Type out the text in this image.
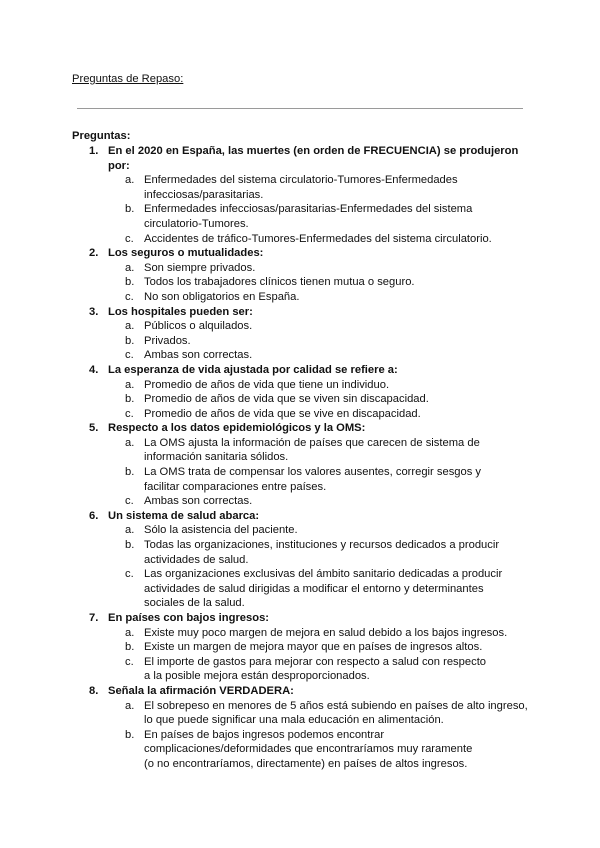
Preguntas de Repaso:
Preguntas:
1. En el 2020 en España, las muertes (en orden de FRECUENCIA) se produjeron por:
a. Enfermedades del sistema circulatorio-Tumores-Enfermedades infecciosas/parasitarias.
b. Enfermedades infecciosas/parasitarias-Enfermedades del sistema circulatorio-Tumores.
c. Accidentes de tráfico-Tumores-Enfermedades del sistema circulatorio.
2. Los seguros o mutualidades:
a. Son siempre privados.
b. Todos los trabajadores clínicos tienen mutua o seguro.
c. No son obligatorios en España.
3. Los hospitales pueden ser:
a. Públicos o alquilados.
b. Privados.
c. Ambas son correctas.
4. La esperanza de vida ajustada por calidad se refiere a:
a. Promedio de años de vida que tiene un individuo.
b. Promedio de años de vida que se viven sin discapacidad.
c. Promedio de años de vida que se vive en discapacidad.
5. Respecto a los datos epidemiológicos y la OMS:
a. La OMS ajusta la información de países que carecen de sistema de información sanitaria sólidos.
b. La OMS trata de compensar los valores ausentes, corregir sesgos y facilitar comparaciones entre países.
c. Ambas son correctas.
6. Un sistema de salud abarca:
a. Sólo la asistencia del paciente.
b. Todas las organizaciones, instituciones y recursos dedicados a producir actividades de salud.
c. Las organizaciones exclusivas del ámbito sanitario dedicadas a producir actividades de salud dirigidas a modificar el entorno y determinantes sociales de la salud.
7. En países con bajos ingresos:
a. Existe muy poco margen de mejora en salud debido a los bajos ingresos.
b. Existe un margen de mejora mayor que en países de ingresos altos.
c. El importe de gastos para mejorar con respecto a salud con respecto a la posible mejora están desproporcionados.
8. Señala la afirmación VERDADERA:
a. El sobrepeso en menores de 5 años está subiendo en países de alto ingreso, lo que puede significar una mala educación en alimentación.
b. En países de bajos ingresos podemos encontrar complicaciones/deformidades que encontraríamos muy raramente (o no encontraríamos, directamente) en países de altos ingresos.
